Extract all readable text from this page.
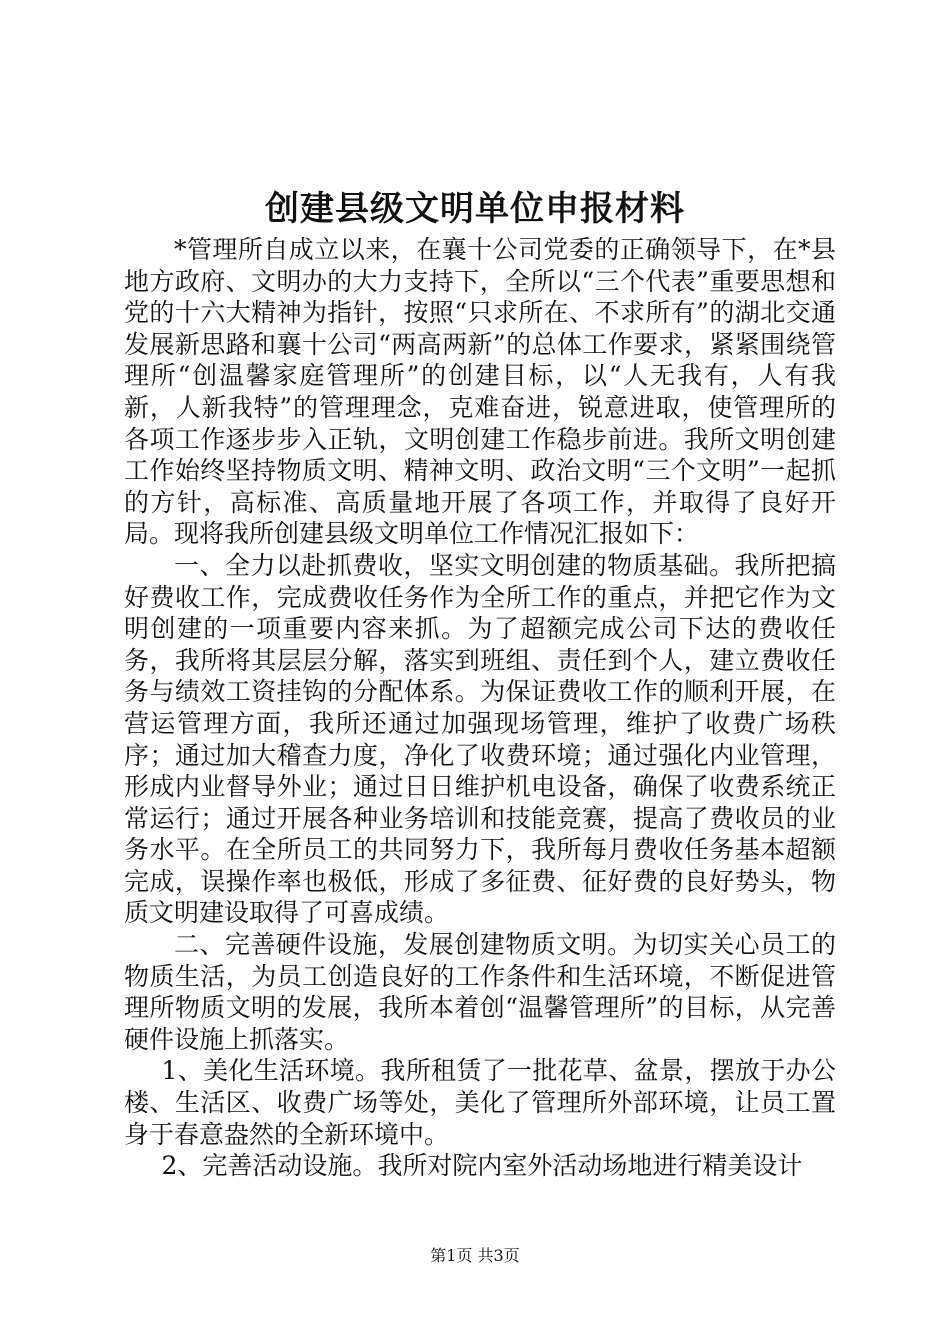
创建县级文明单位申报材料

*管理所自成立以来，在襄十公司党委的正确领导下，在*县地方政府、文明办的大力支持下，全所以“三个代表”重要思想和党的十六大精神为指针，按照“只求所在、不求所有”的湖北交通发展新思路和襄十公司“两高两新”的总体工作要求，紧紧围绕管理所“创温馨家庭管理所”的创建目标，以“人无我有，人有我新，人新我特”的管理理念，克难奋进，锐意进取，使管理所的各项工作逐步步入正轨，文明创建工作稳步前进。我所文明创建工作始终坚持物质文明、精神文明、政治文明“三个文明”一起抓的方针，高标准、高质量地开展了各项工作，并取得了良好开局。现将我所创建县级文明单位工作情况汇报如下：

一、全力以赴抓费收，坚实文明创建的物质基础。我所把搞好费收工作，完成费收任务作为全所工作的重点，并把它作为文明创建的一项重要内容来抓。为了超额完成公司下达的费收任务，我所将其层层分解，落实到班组、责任到个人，建立费收任务与绩效工资挂钩的分配体系。为保证费收工作的顺利开展，在营运管理方面，我所还通过加强现场管理，维护了收费广场秩序；通过加大稽查力度，净化了收费环境；通过强化内业管理，形成内业督导外业；通过日日维护机电设备，确保了收费系统正常运行；通过开展各种业务培训和技能竞赛，提高了费收员的业务水平。在全所员工的共同努力下，我所每月费收任务基本超额完成，误操作率也极低，形成了多征费、征好费的良好势头，物质文明建设取得了可喜成绩。

二、完善硬件设施，发展创建物质文明。为切实关心员工的物质生活，为员工创造良好的工作条件和生活环境，不断促进管理所物质文明的发展，我所本着创“温馨管理所”的目标，从完善硬件设施上抓落实。

1、美化生活环境。我所租赁了一批花草、盆景，摆放于办公楼、生活区、收费广场等处，美化了管理所外部环境，让员工置身于春意盎然的全新环境中。

2、完善活动设施。我所对院内室外活动场地进行精美设计

第1页 共3页
